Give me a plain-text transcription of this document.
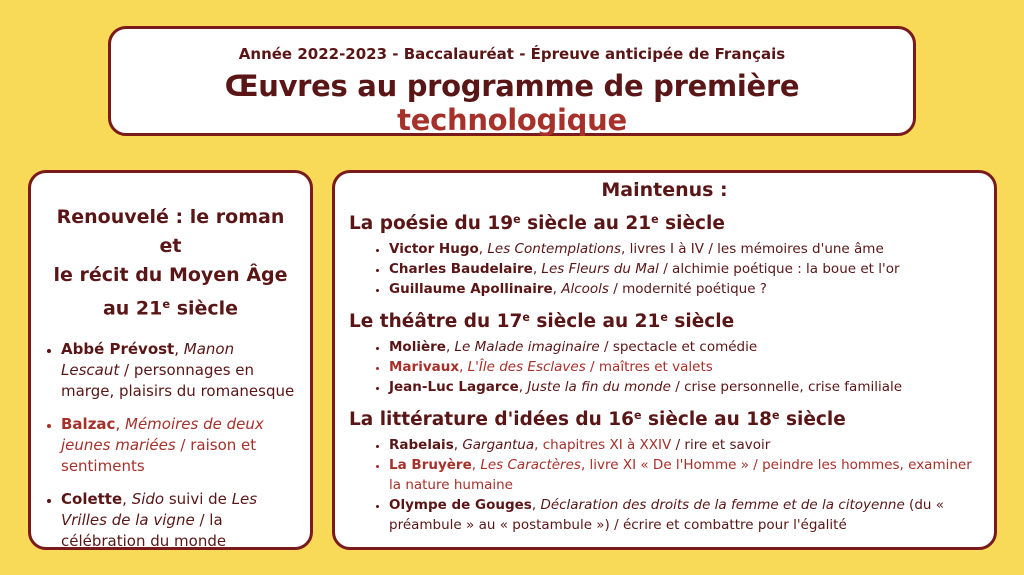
Année 2022-2023 - Baccalauréat - Épreuve anticipée de Français
Œuvres au programme de première technologique
Renouvelé : le roman et
le récit du Moyen Âge
au 21e siècle
• Abbé Prévost, Manon Lescaut / personnages en marge, plaisirs du romanesque
• Balzac, Mémoires de deux jeunes mariées / raison et sentiments
• Colette, Sido suivi de Les Vrilles de la vigne / la célébration du monde
Maintenus :
La poésie du 19e siècle au 21e siècle
• Victor Hugo, Les Contemplations, livres I à IV / les mémoires d'une âme
• Charles Baudelaire, Les Fleurs du Mal / alchimie poétique : la boue et l'or
• Guillaume Apollinaire, Alcools / modernité poétique ?
Le théâtre du 17e siècle au 21e siècle
• Molière, Le Malade imaginaire / spectacle et comédie
• Marivaux, L'Île des Esclaves / maîtres et valets
• Jean-Luc Lagarce, Juste la fin du monde / crise personnelle, crise familiale
La littérature d'idées du 16e siècle au 18e siècle
• Rabelais, Gargantua, chapitres XI à XXIV / rire et savoir
• La Bruyère, Les Caractères, livre XI « De l'Homme » / peindre les hommes, examiner la nature humaine
• Olympe de Gouges, Déclaration des droits de la femme et de la citoyenne (du « préambule » au « postambule ») / écrire et combattre pour l'égalité
